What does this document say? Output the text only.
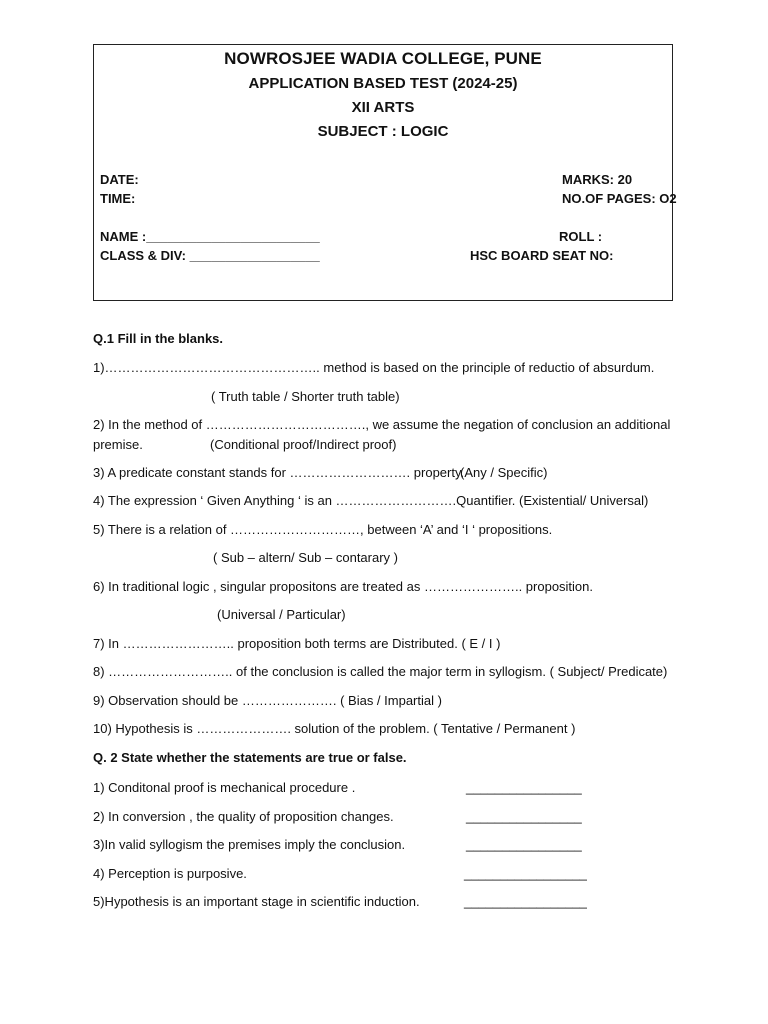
NOWROSJEE WADIA COLLEGE, PUNE
APPLICATION BASED TEST (2024-25)
XII ARTS
SUBJECT : LOGIC
DATE:
TIME:
MARKS: 20
NO.OF PAGES: O2
NAME :________________________	ROLL :
CLASS & DIV: __________________	HSC BOARD SEAT NO:
Q.1 Fill in the blanks.
1)………………………………………….. method is based on the principle of reductio of absurdum.
( Truth table / Shorter truth table)
2) In the method of ………………………………., we assume the negation of conclusion an additional
premise.	(Conditional proof/Indirect proof)
3) A predicate constant stands for ………………………. property.
(Any / Specific)
4) The expression ‘ Given Anything ‘ is an ……………………….Quantifier. (Existential/ Universal)
5) There is a relation of …………………………, between ‘A’ and ‘I ‘ propositions.
( Sub – altern/ Sub – contarary )
6) In traditional logic , singular propositons are treated as ………………….. proposition.
(Universal / Particular)
7) In …………………….. proposition both terms are Distributed. ( E / I )
8) ……………………….. of the conclusion is called the major term in syllogism. ( Subject/ Predicate)
9) Observation should be …………………. ( Bias / Impartial )
10) Hypothesis is …………………. solution of the problem. ( Tentative / Permanent )
Q. 2 State whether the statements are true or false.
1) Conditonal proof is mechanical procedure .	________________
2) In conversion , the quality of proposition changes.	________________
3)In valid syllogism the premises imply the conclusion.	________________
4) Perception is purposive.	_________________
5)Hypothesis is an important stage in scientific induction.	_________________
